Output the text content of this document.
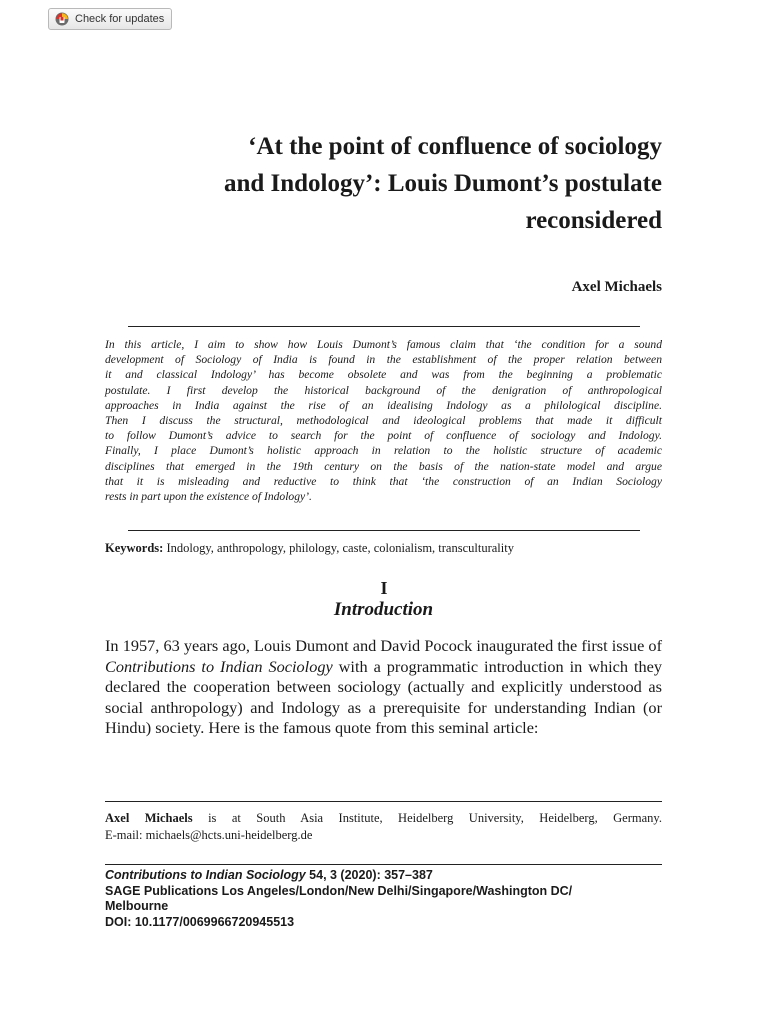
Check for updates
‘At the point of confluence of sociology
and Indology’: Louis Dumont’s postulate
reconsidered
Axel Michaels
In this article, I aim to show how Louis Dumont’s famous claim that ‘the condition for a sound
development of Sociology of India is found in the establishment of the proper relation between
it and classical Indology’ has become obsolete and was from the beginning a problematic
postulate. I first develop the historical background of the denigration of anthropological
approaches in India against the rise of an idealising Indology as a philological discipline.
Then I discuss the structural, methodological and ideological problems that made it difficult
to follow Dumont’s advice to search for the point of confluence of sociology and Indology.
Finally, I place Dumont’s holistic approach in relation to the holistic structure of academic
disciplines that emerged in the 19th century on the basis of the nation-state model and argue
that it is misleading and reductive to think that ‘the construction of an Indian Sociology
rests in part upon the existence of Indology’.
Keywords: Indology, anthropology, philology, caste, colonialism, transculturality
I
Introduction
In 1957, 63 years ago, Louis Dumont and David Pocock inaugurated the first issue of Contributions to Indian Sociology with a programmatic introduction in which they declared the cooperation between sociology (actually and explicitly understood as social anthropology) and Indology as a prerequisite for understanding Indian (or Hindu) society. Here is the famous quote from this seminal article:
Axel Michaels is at South Asia Institute, Heidelberg University, Heidelberg, Germany.
E-mail: michaels@hcts.uni-heidelberg.de
Contributions to Indian Sociology 54, 3 (2020): 357–387
SAGE Publications Los Angeles/London/New Delhi/Singapore/Washington DC/
Melbourne
DOI: 10.1177/0069966720945513
